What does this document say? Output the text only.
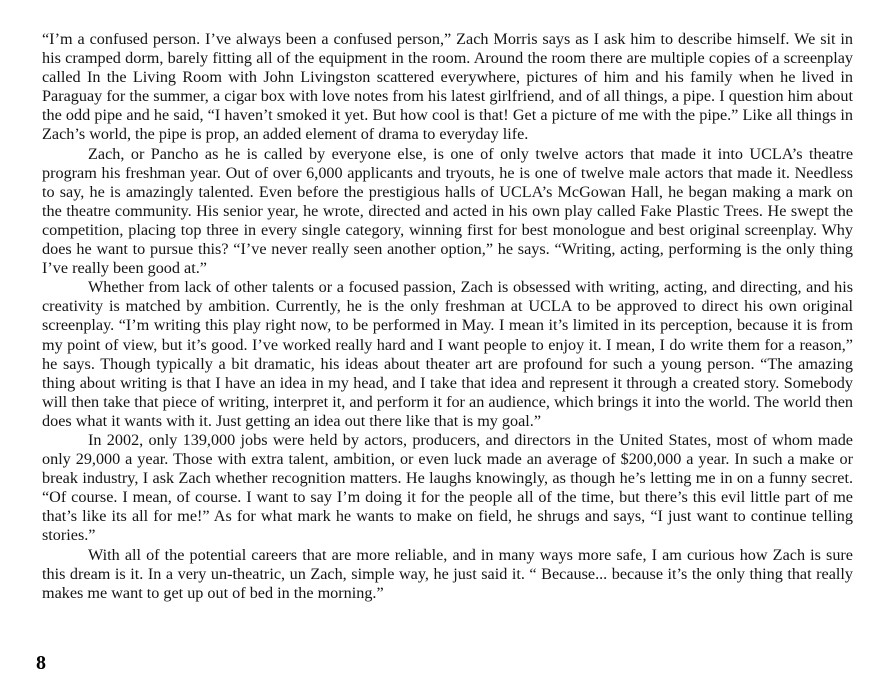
“I’m a confused person. I’ve always been a confused person,” Zach Morris says as I ask him to describe himself. We sit in his cramped dorm, barely fitting all of the equipment in the room. Around the room there are multiple copies of a screenplay called In the Living Room with John Livingston scattered everywhere, pictures of him and his family when he lived in Paraguay for the summer, a cigar box with love notes from his latest girlfriend, and of all things, a pipe. I question him about the odd pipe and he said, “I haven’t smoked it yet. But how cool is that! Get a picture of me with the pipe.” Like all things in Zach’s world, the pipe is prop, an added element of drama to everyday life.

Zach, or Pancho as he is called by everyone else, is one of only twelve actors that made it into UCLA’s theatre program his freshman year. Out of over 6,000 applicants and tryouts, he is one of twelve male actors that made it. Needless to say, he is amazingly talented. Even before the prestigious halls of UCLA’s McGowan Hall, he began making a mark on the theatre community. His senior year, he wrote, directed and acted in his own play called Fake Plastic Trees. He swept the competition, placing top three in every single category, winning first for best monologue and best original screenplay. Why does he want to pursue this? “I’ve never really seen another option,” he says. “Writing, acting, performing is the only thing I’ve really been good at.”

Whether from lack of other talents or a focused passion, Zach is obsessed with writing, acting, and directing, and his creativity is matched by ambition. Currently, he is the only freshman at UCLA to be approved to direct his own original screenplay. “I’m writing this play right now, to be performed in May. I mean it’s limited in its perception, because it is from my point of view, but it’s good. I’ve worked really hard and I want people to enjoy it. I mean, I do write them for a reason,” he says. Though typically a bit dramatic, his ideas about theater art are profound for such a young person. “The amazing thing about writing is that I have an idea in my head, and I take that idea and represent it through a created story. Somebody will then take that piece of writing, interpret it, and perform it for an audience, which brings it into the world. The world then does what it wants with it. Just getting an idea out there like that is my goal.”

In 2002, only 139,000 jobs were held by actors, producers, and directors in the United States, most of whom made only 29,000 a year. Those with extra talent, ambition, or even luck made an average of $200,000 a year. In such a make or break industry, I ask Zach whether recognition matters. He laughs knowingly, as though he’s letting me in on a funny secret. “Of course. I mean, of course. I want to say I’m doing it for the people all of the time, but there’s this evil little part of me that’s like its all for me!” As for what mark he wants to make on field, he shrugs and says, “I just want to continue telling stories.”

With all of the potential careers that are more reliable, and in many ways more safe, I am curious how Zach is sure this dream is it. In a very un-theatric, un Zach, simple way, he just said it. “ Because... because it’s the only thing that really makes me want to get up out of bed in the morning.”

8
